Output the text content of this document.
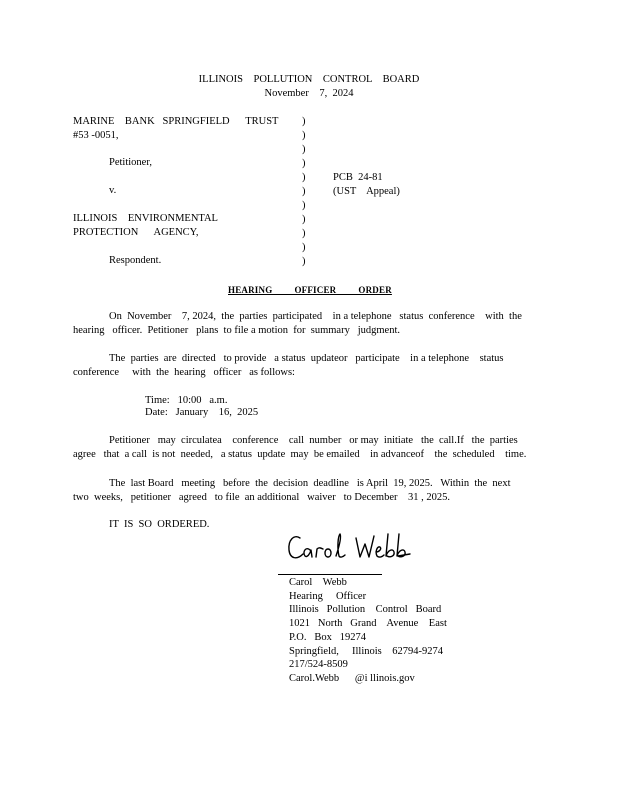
ILLINOIS    POLLUTION    CONTROL    BOARD
November    7,  2024
MARINE    BANK   SPRINGFIELD      TRUST
#53 -0051,
Petitioner,
v.
ILLINOIS    ENVIRONMENTAL
PROTECTION      AGENCY,
Respondent.
)
)
)
)
)
)
)
)
)
)
)
PCB  24-81
(UST    Appeal)
HEARING         OFFICER         ORDER
On  November    7, 2024,  the  parties  participated    in a telephone   status  conference    with  the
hearing   officer.  Petitioner   plans  to file a motion  for  summary   judgment.
The  parties  are  directed   to provide   a status  updateor   participate    in a telephone    status
conference     with  the  hearing   officer   as follows:
Time:   10:00   a.m.
Date:   January    16,  2025
Petitioner   may  circulatea    conference    call  number   or may  initiate   the  call.If   the  parties
agree   that  a call  is not  needed,   a status  update  may  be emailed    in advanceof    the  scheduled    time.
The  last Board   meeting   before  the  decision  deadline   is April  19, 2025.   Within  the  next
two  weeks,   petitioner   agreed   to file  an additional   waiver   to December    31 , 2025.
IT  IS  SO  ORDERED.
Carol    Webb
Hearing     Officer
Illinois   Pollution    Control   Board
1021   North   Grand    Avenue    East
P.O.   Box   19274
Springfield,     Illinois    62794-9274
217/524-8509
Carol.Webb      @i llinois.gov
